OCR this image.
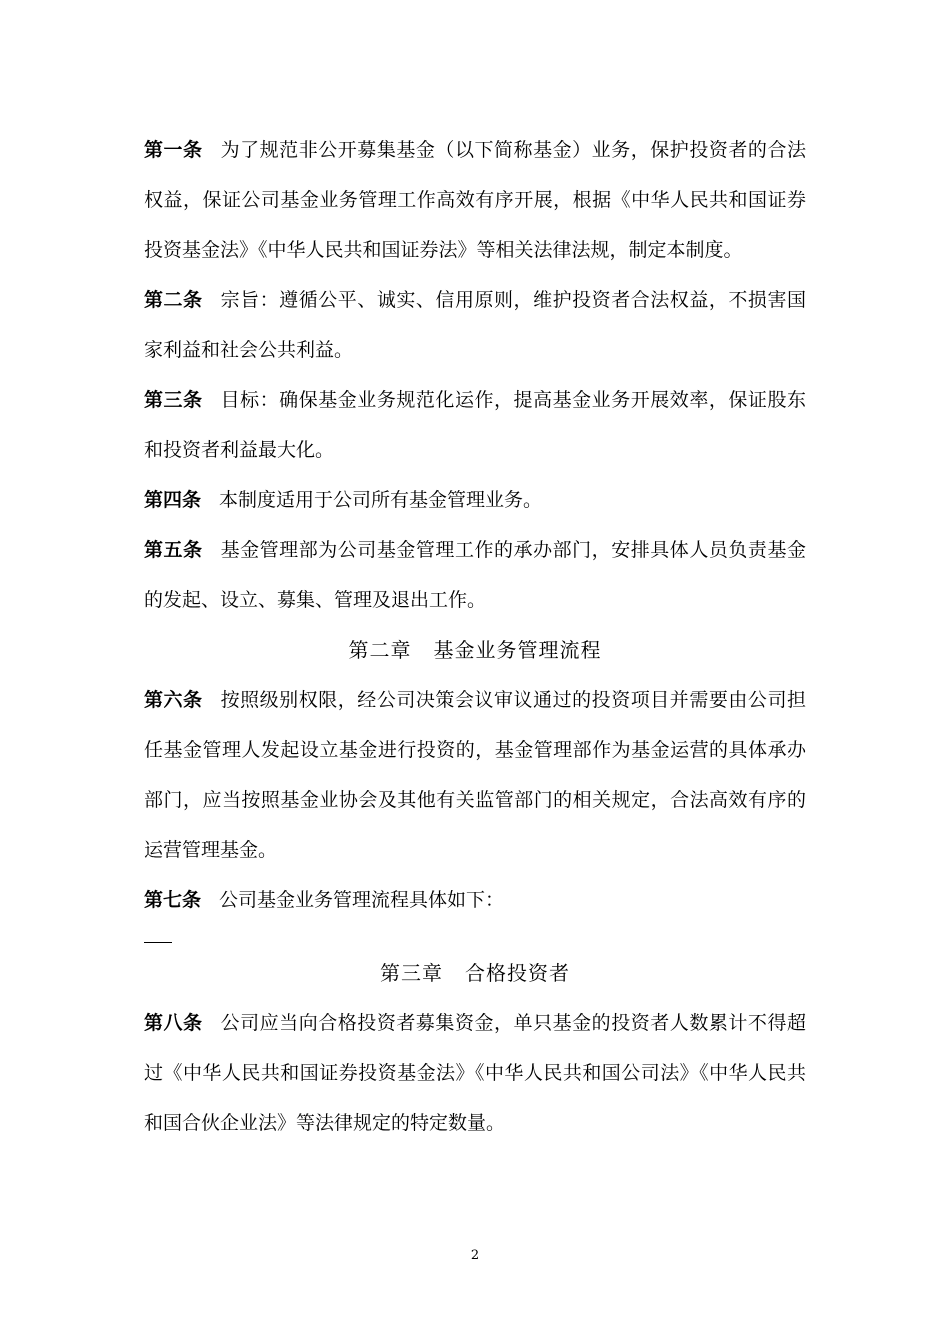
第一条 为了规范非公开募集基金（以下简称基金）业务，保护投资者的合法权益，保证公司基金业务管理工作高效有序开展，根据《中华人民共和国证券投资基金法》《中华人民共和国证券法》等相关法律法规，制定本制度。

第二条 宗旨：遵循公平、诚实、信用原则，维护投资者合法权益，不损害国家利益和社会公共利益。

第三条 目标：确保基金业务规范化运作，提高基金业务开展效率，保证股东和投资者利益最大化。

第四条 本制度适用于公司所有基金管理业务。

第五条 基金管理部为公司基金管理工作的承办部门，安排具体人员负责基金的发起、设立、募集、管理及退出工作。

第二章 基金业务管理流程

第六条 按照级别权限，经公司决策会议审议通过的投资项目并需要由公司担任基金管理人发起设立基金进行投资的，基金管理部作为基金运营的具体承办部门，应当按照基金业协会及其他有关监管部门的相关规定，合法高效有序的运营管理基金。

第七条 公司基金业务管理流程具体如下：

第三章 合格投资者

第八条 公司应当向合格投资者募集资金，单只基金的投资者人数累计不得超过《中华人民共和国证券投资基金法》《中华人民共和国公司法》《中华人民共和国合伙企业法》等法律规定的特定数量。

2
